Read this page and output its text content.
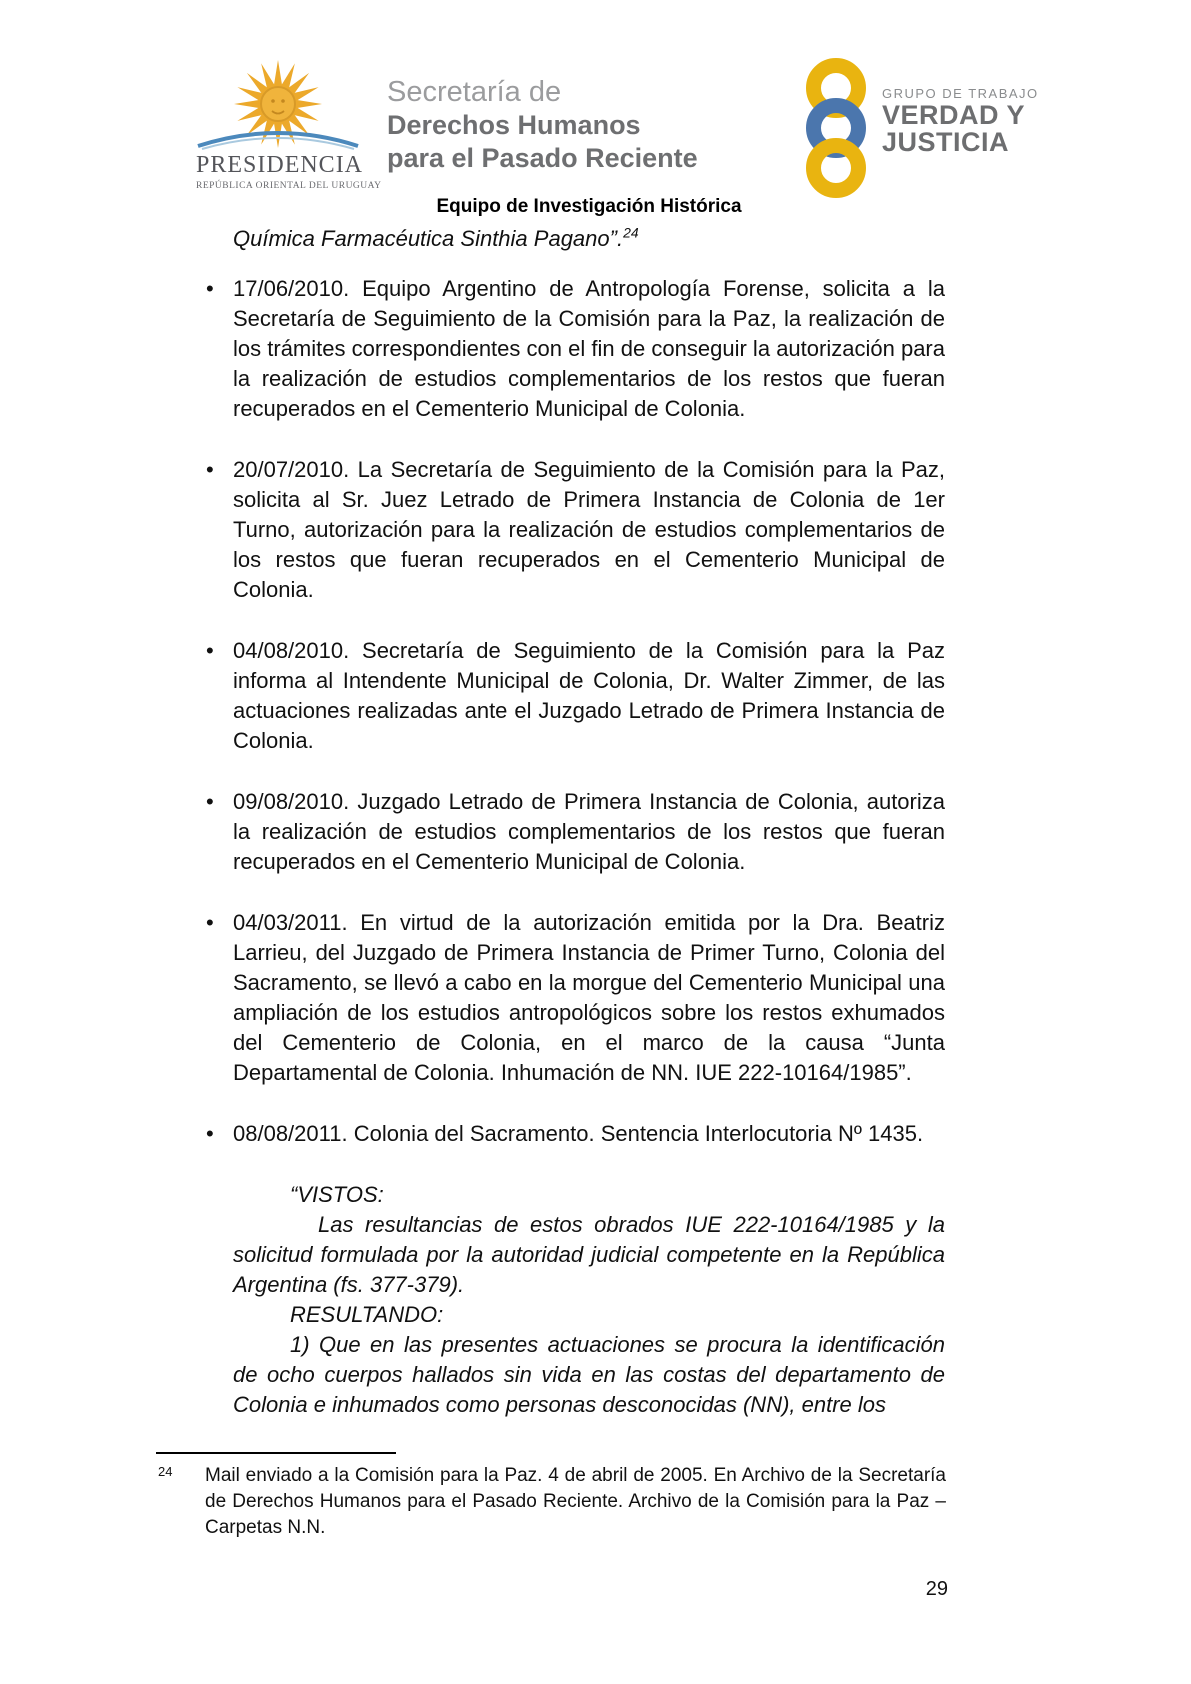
PRESIDENCIA
REPÚBLICA ORIENTAL DEL URUGUAY
Secretaría de
Derechos Humanos
para el Pasado Reciente
GRUPO DE TRABAJO
VERDAD Y
JUSTICIA
Equipo de Investigación Histórica

Química Farmacéutica Sinthia Pagano”.$^{24}$

• 17/06/2010. Equipo Argentino de Antropología Forense, solicita a la Secretaría de Seguimiento de la Comisión para la Paz, la realización de los trámites correspondientes con el fin de conseguir la autorización para la realización de estudios complementarios de los restos que fueran recuperados en el Cementerio Municipal de Colonia.
• 20/07/2010. La Secretaría de Seguimiento de la Comisión para la Paz, solicita al Sr. Juez Letrado de Primera Instancia de Colonia de 1er Turno, autorización para la realización de estudios complementarios de los restos que fueran recuperados en el Cementerio Municipal de Colonia.
• 04/08/2010. Secretaría de Seguimiento de la Comisión para la Paz informa al Intendente Municipal de Colonia, Dr. Walter Zimmer, de las actuaciones realizadas ante el Juzgado Letrado de Primera Instancia de Colonia.
• 09/08/2010. Juzgado Letrado de Primera Instancia de Colonia, autoriza la realización de estudios complementarios de los restos que fueran recuperados en el Cementerio Municipal de Colonia.
• 04/03/2011. En virtud de la autorización emitida por la Dra. Beatriz Larrieu, del Juzgado de Primera Instancia de Primer Turno, Colonia del Sacramento, se llevó a cabo en la morgue del Cementerio Municipal una ampliación de los estudios antropológicos sobre los restos exhumados del Cementerio de Colonia, en el marco de la causa “Junta Departamental de Colonia. Inhumación de NN. IUE 222-10164/1985”.
• 08/08/2011. Colonia del Sacramento. Sentencia Interlocutoria Nº 1435.

“VISTOS:

Las resultancias de estos obrados IUE 222-10164/1985 y la solicitud formulada por la autoridad judicial competente en la República Argentina (fs. 377-379).

RESULTANDO:

1) Que en las presentes actuaciones se procura la identificación de ocho cuerpos hallados sin vida en las costas del departamento de Colonia e inhumados como personas desconocidas (NN), entre los

24 Mail enviado a la Comisión para la Paz. 4 de abril de 2005. En Archivo de la Secretaría de Derechos Humanos para el Pasado Reciente. Archivo de la Comisión para la Paz – Carpetas N.N.
29
